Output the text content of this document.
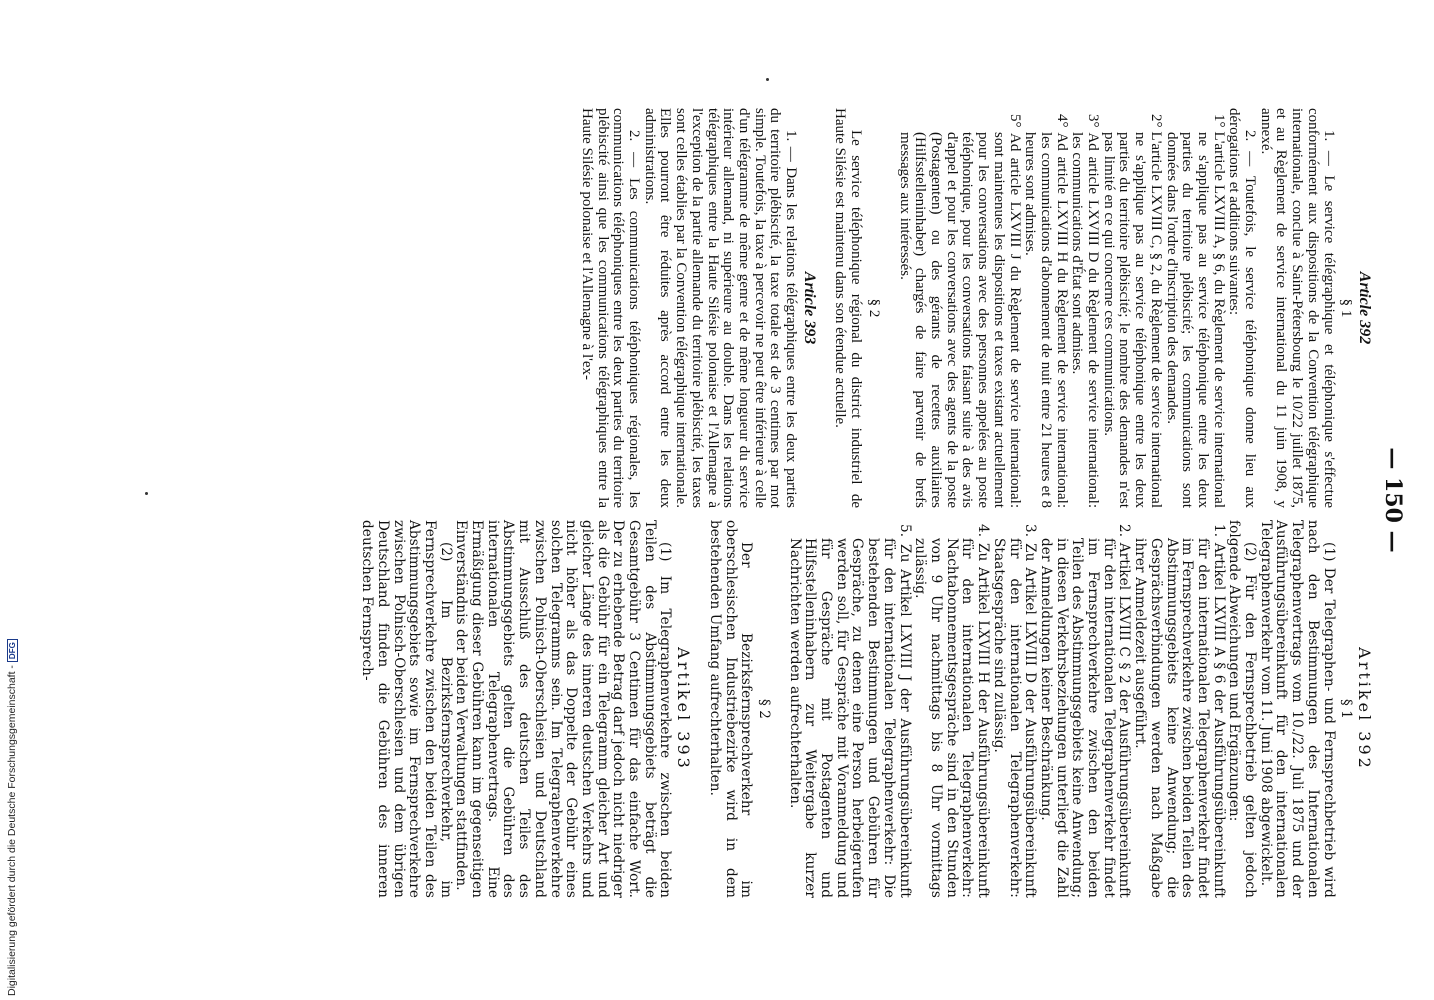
— 150 —
Article 392
§ 1

1. — Le service télégraphique et téléphonique s'effectue conformément aux dispositions de la Convention télégraphique internationale, conclue à Saint-Pétersbourg le 10/22 juillet 1875, et au Règlement de service international du 11 juin 1908, y annexé.

2. — Toutefois, le service téléphonique donne lieu aux dérogations et additions suivantes:

1° L'article LXVIII A, § 6, du Règlement de service international ne s'applique pas au service téléphonique entre les deux parties du territoire plébiscité; les communications sont données dans l'ordre d'inscription des demandes.
2° L'article LXVIII C, § 2, du Règlement de service international ne s'applique pas au service téléphonique entre les deux parties du territoire plébiscité; le nombre des demandes n'est pas limité en ce qui concerne ces communications.
3° Ad article LXVIII D du Règlement de service international: les communications d'État sont admises.
4° Ad article LXVIII H du Règlement de service international: les communications d'abonnement de nuit entre 21 heures et 8 heures sont admises.
5° Ad article LXVIII J du Règlement de service international: sont maintenues les dispositions et taxes existant actuellement pour les conversations avec des personnes appelées au poste téléphonique, pour les conversations faisant suite à des avis d'appel et pour les conversations avec des agents de la poste (Postagenten) ou des gérants de recettes auxiliaires (Hilfsstelleninhaber) chargés de faire parvenir de brefs messages aux intéressés.
§ 2

Le service téléphonique régional du district industriel de Haute Silésie est maintenu dans son étendue actuelle.

Article 393

1. — Dans les relations télégraphiques entre les deux parties du territoire plébiscité, la taxe totale est de 3 centimes par mot simple. Toutefois, la taxe à percevoir ne peut être inférieure à celle d'un télégramme de même genre et de même longueur du service intérieur allemand, ni supérieure au double. Dans les relations télégraphiques entre la Haute Silésie polonaise et l'Allemagne à l'exception de la partie allemande du territoire plébiscité, les taxes sont celles établies par la Convention télégraphique internationale. Elles pourront être réduites après accord entre les deux administrations.

2. — Les communications téléphoniques régionales, les communications téléphoniques entre les deux parties du territoire plébiscité ainsi que les communications télégraphiques entre la Haute Silésie polonaise et l'Allemagne à l'ex-

Artikel 392
§ 1

(1) Der Telegraphen- und Fernsprechbetrieb wird nach den Bestimmungen des Internationalen Telegraphenvertrags vom 10./22. Juli 1875 und der Ausführungsübereinkunft für den internationalen Telegraphenverkehr vom 11. Juni 1908 abgewickelt.

(2) Für den Fernsprechbetrieb gelten jedoch folgende Abweichungen und Ergänzungen:

1. Artikel LXVIII A § 6 der Ausführungsübereinkunft für den internationalen Telegraphenverkehr findet im Fernsprechverkehre zwischen beiden Teilen des Abstimmungsgebiets keine Anwendung; die Gesprächsverbindungen werden nach Maßgabe ihrer Anmeldezeit ausgeführt.
2. Artikel LXVIII C § 2 der Ausführungsübereinkunft für den internationalen Telegraphenverkehr findet im Fernsprechverkehre zwischen den beiden Teilen des Abstimmungsgebiets keine Anwendung; in diesen Verkehrsbeziehungen unterliegt die Zahl der Anmeldungen keiner Beschränkung.
3. Zu Artikel LXVIII D der Ausführungsübereinkunft für den internationalen Telegraphenverkehr: Staatsgespräche sind zulässig.
4. Zu Artikel LXVIII H der Ausführungsübereinkunft für den internationalen Telegraphenverkehr: Nachtabonnementsgespräche sind in den Stunden von 9 Uhr nachmittags bis 8 Uhr vormittags zulässig.
5. Zu Artikel LXVIII J der Ausführungsübereinkunft für den internationalen Telegraphenverkehr: Die bestehenden Bestimmungen und Gebühren für Gespräche, zu denen eine Person herbeigerufen werden soll, für Gespräche mit Voranmeldung und für Gespräche mit Postagenten und Hilfsstelleninhabern zur Weitergabe kurzer Nachrichten werden aufrechterhalten.
§ 2

Der Bezirksfernsprechverkehr im oberschlesischen Industriebezirke wird in dem bestehenden Umfang aufrechterhalten.

Artikel 393

(1) Im Telegraphenverkehre zwischen beiden Teilen des Abstimmungsgebiets beträgt die Gesamtgebühr 3 Centimen für das einfache Wort. Der zu erhebende Betrag darf jedoch nicht niedriger als die Gebühr für ein Telegramm gleicher Art und gleicher Länge des inneren deutschen Verkehrs und nicht höher als das Doppelte der Gebühr eines solchen Telegramms sein. Im Telegraphenverkehre zwischen Polnisch-Oberschlesien und Deutschland mit Ausschluß des deutschen Teiles des Abstimmungsgebiets gelten die Gebühren des internationalen Telegraphenvertrags. Eine Ermäßigung dieser Gebühren kann im gegenseitigen Einverständnis der beiden Verwaltungen stattfinden.

(2) Im Bezirksfernsprechverkehr, im Fernsprechverkehre zwischen den beiden Teilen des Abstimmungsgebiets sowie im Fernsprechverkehre zwischen Polnisch-Oberschlesien und dem übrigen Deutschland finden die Gebühren des inneren deutschen Fernsprech-

Digitalisierung gefördert durch die Deutsche Forschungsgemeinschaft -DFG
